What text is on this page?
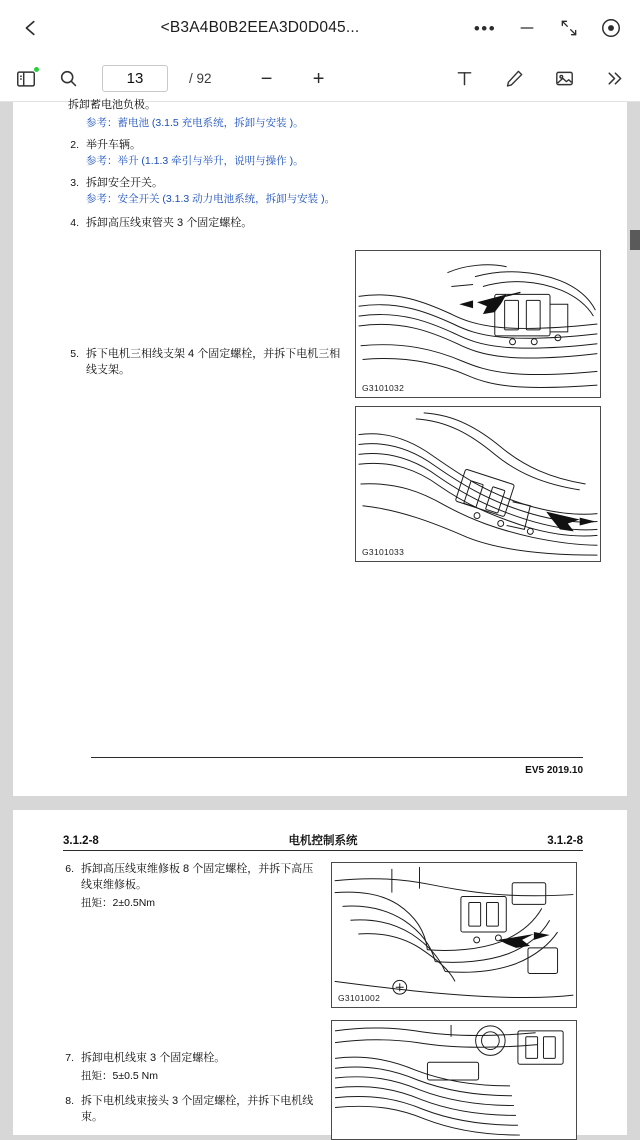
<B3A4B0B2EEA3D0D045...	•••
13	/ 92 − +
拆卸蓄电池负极。
参考：蓄电池 (3.1.5 充电系统，拆卸与安装 )。
2. 举升车辆。
参考：举升 (1.1.3 牵引与举升，说明与操作 )。
3. 拆卸安全开关。
参考：安全开关 (3.1.3 动力电池系统，拆卸与安装 )。
4. 拆卸高压线束管夹 3 个固定螺栓。
5. 拆下电机三相线支架 4 个固定螺栓，并拆下电机三相线支架。
G3101032
G3101033
EV5 2019.10
3.1.2-8	电机控制系统	3.1.2-8
6. 拆卸高压线束维修板 8 个固定螺栓，并拆下高压线束维修板。
扭矩：2±0.5Nm
7. 拆卸电机线束 3 个固定螺栓。
扭矩：5±0.5 Nm
8. 拆下电机线束接头 3 个固定螺栓，并拆下电机线束。
G3101002
